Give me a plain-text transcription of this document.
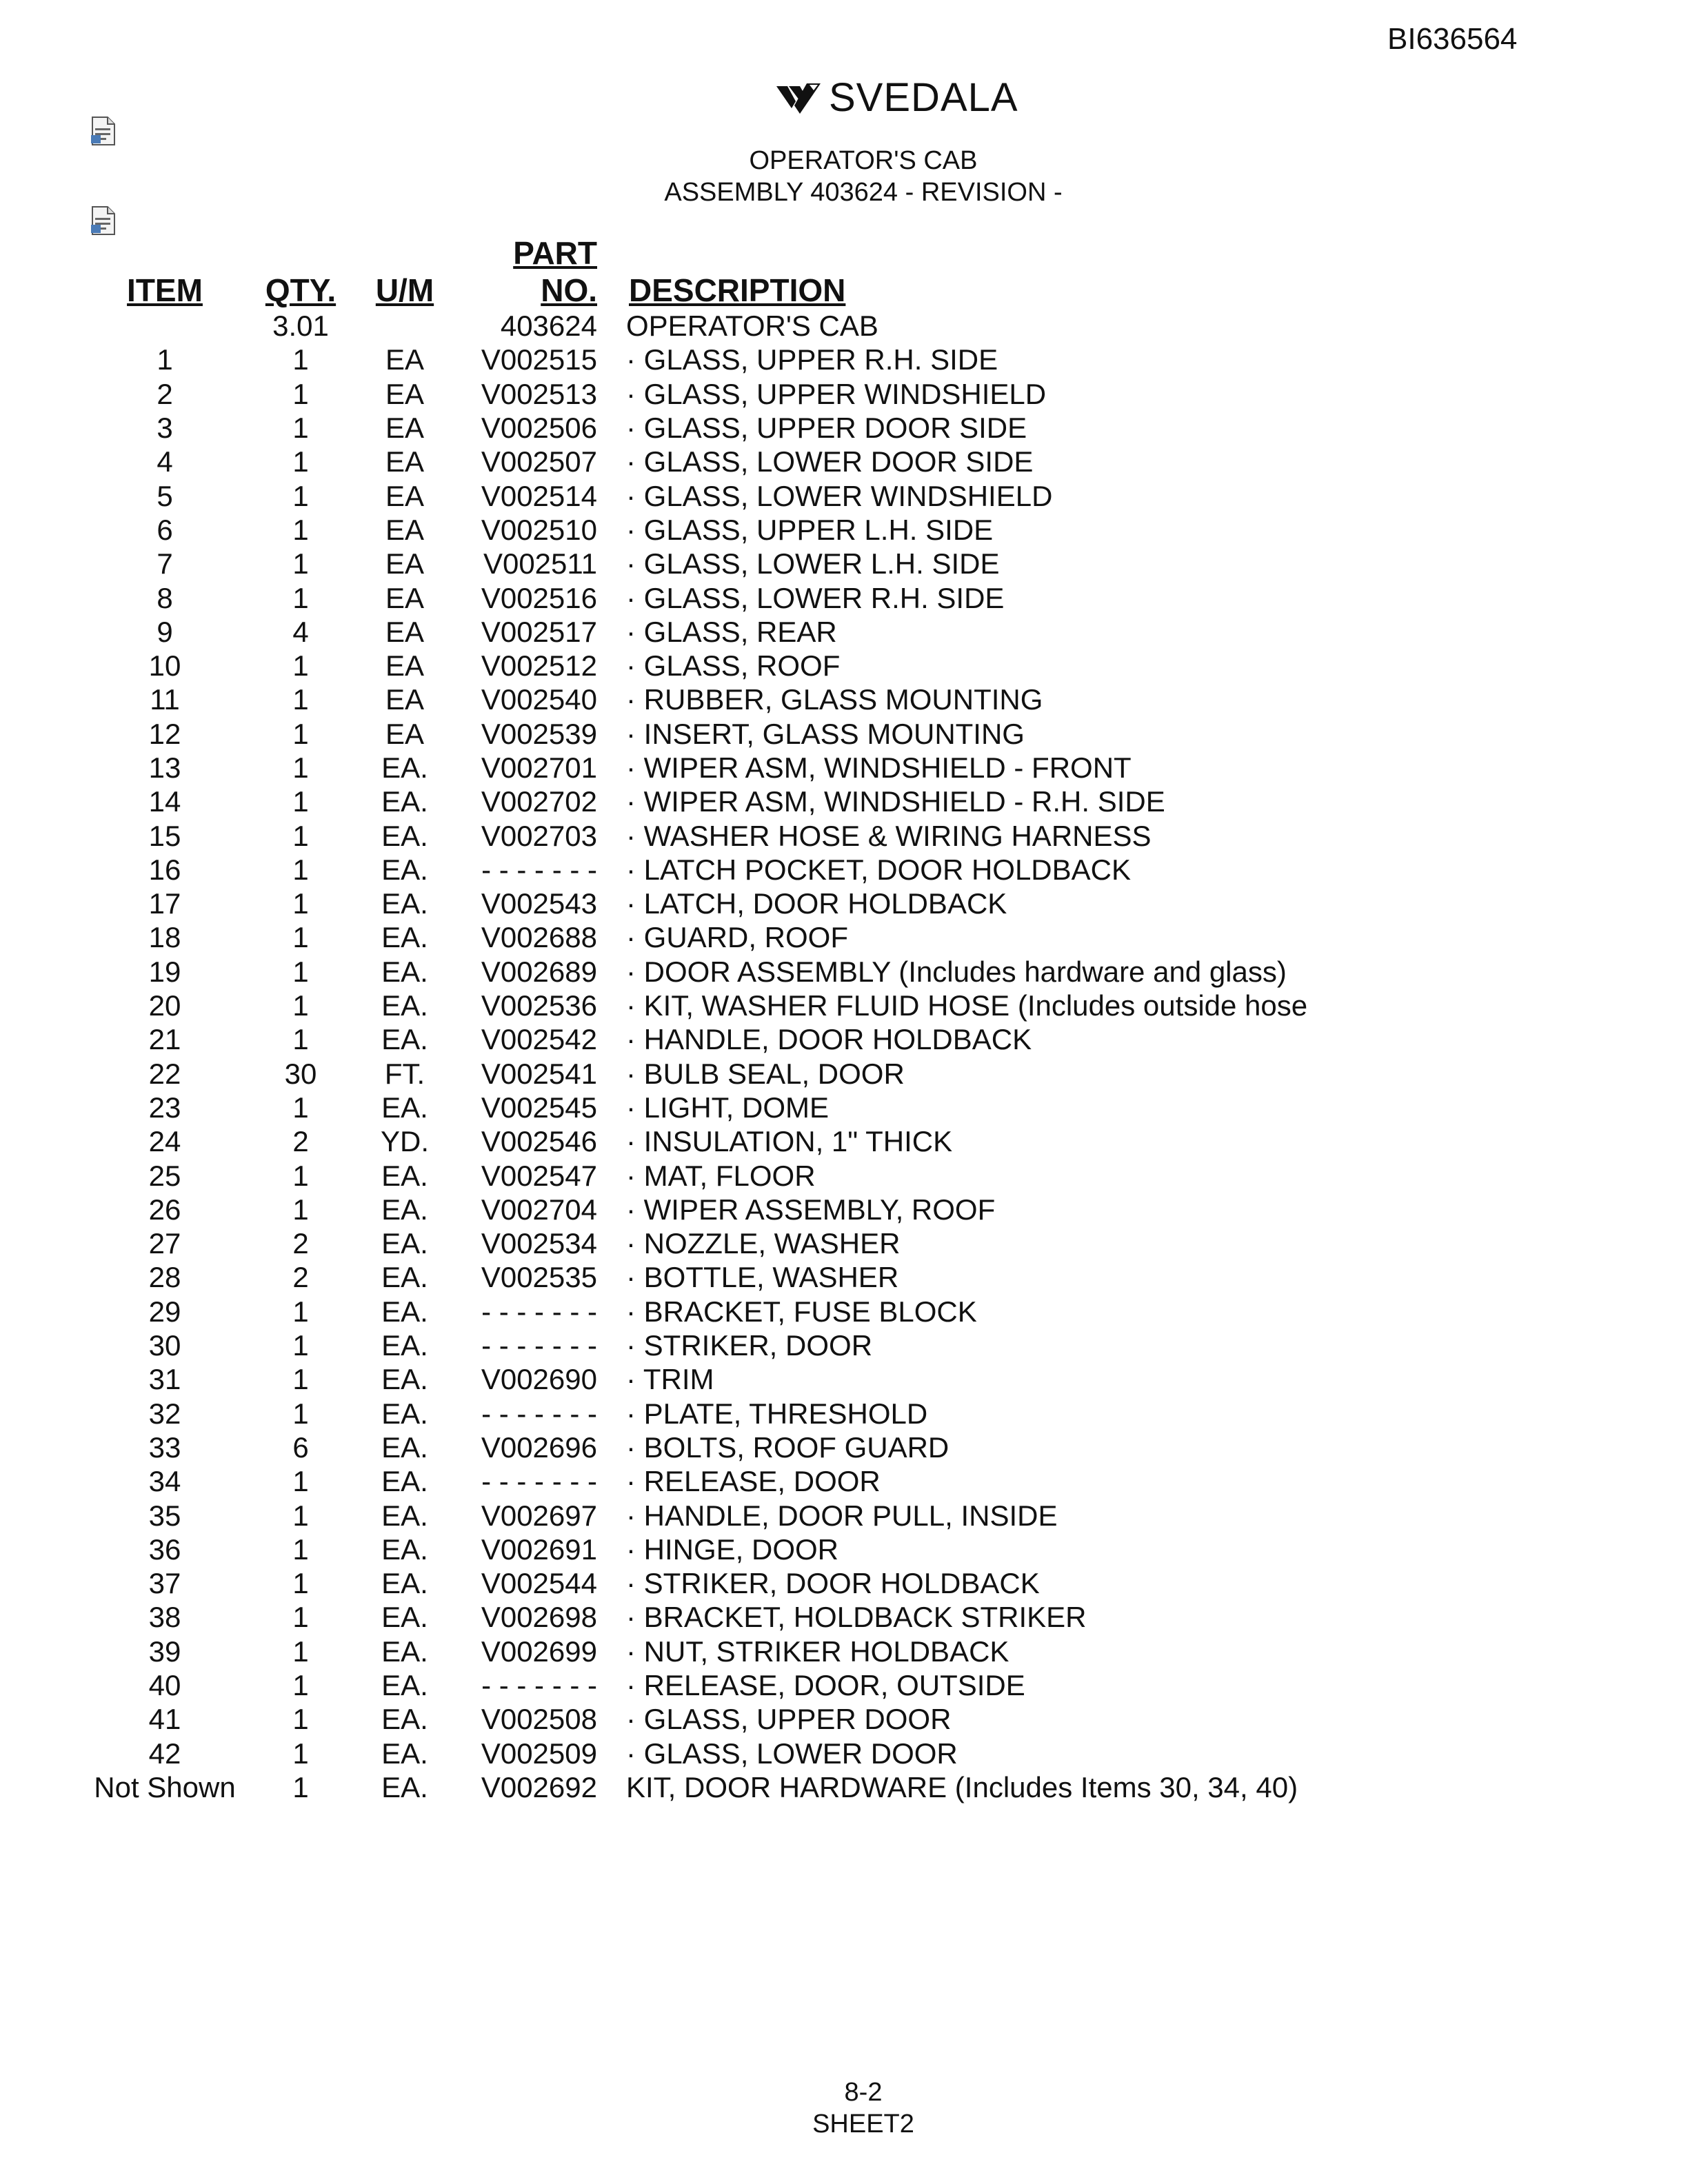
BI636564
SVEDALA
OPERATOR'S CAB
ASSEMBLY 403624 - REVISION -
ITEM	QTY.	U/M	PART NO.	DESCRIPTION
	3.01		403624	OPERATOR'S CAB
1	1	EA	V002515	· GLASS, UPPER R.H. SIDE
2	1	EA	V002513	· GLASS, UPPER WINDSHIELD
3	1	EA	V002506	· GLASS, UPPER DOOR SIDE
4	1	EA	V002507	· GLASS, LOWER DOOR SIDE
5	1	EA	V002514	· GLASS, LOWER WINDSHIELD
6	1	EA	V002510	· GLASS, UPPER L.H. SIDE
7	1	EA	V002511	· GLASS, LOWER L.H. SIDE
8	1	EA	V002516	· GLASS, LOWER R.H. SIDE
9	4	EA	V002517	· GLASS, REAR
10	1	EA	V002512	· GLASS, ROOF
11	1	EA	V002540	· RUBBER, GLASS MOUNTING
12	1	EA	V002539	· INSERT, GLASS MOUNTING
13	1	EA.	V002701	· WIPER ASM, WINDSHIELD - FRONT
14	1	EA.	V002702	· WIPER ASM, WINDSHIELD - R.H. SIDE
15	1	EA.	V002703	· WASHER HOSE & WIRING HARNESS
16	1	EA.	- - - - - - -	· LATCH POCKET, DOOR HOLDBACK
17	1	EA.	V002543	· LATCH, DOOR HOLDBACK
18	1	EA.	V002688	· GUARD, ROOF
19	1	EA.	V002689	· DOOR ASSEMBLY (Includes hardware and glass)
20	1	EA.	V002536	· KIT, WASHER FLUID HOSE (Includes outside hose
21	1	EA.	V002542	· HANDLE, DOOR HOLDBACK
22	30	FT.	V002541	· BULB SEAL, DOOR
23	1	EA.	V002545	· LIGHT, DOME
24	2	YD.	V002546	· INSULATION, 1" THICK
25	1	EA.	V002547	· MAT, FLOOR
26	1	EA.	V002704	· WIPER ASSEMBLY, ROOF
27	2	EA.	V002534	· NOZZLE, WASHER
28	2	EA.	V002535	· BOTTLE, WASHER
29	1	EA.	- - - - - - -	· BRACKET, FUSE BLOCK
30	1	EA.	- - - - - - -	· STRIKER, DOOR
31	1	EA.	V002690	· TRIM
32	1	EA.	- - - - - - -	· PLATE, THRESHOLD
33	6	EA.	V002696	· BOLTS, ROOF GUARD
34	1	EA.	- - - - - - -	· RELEASE, DOOR
35	1	EA.	V002697	· HANDLE, DOOR PULL, INSIDE
36	1	EA.	V002691	· HINGE, DOOR
37	1	EA.	V002544	· STRIKER, DOOR HOLDBACK
38	1	EA.	V002698	· BRACKET, HOLDBACK STRIKER
39	1	EA.	V002699	· NUT, STRIKER HOLDBACK
40	1	EA.	- - - - - - -	· RELEASE, DOOR, OUTSIDE
41	1	EA.	V002508	· GLASS, UPPER DOOR
42	1	EA.	V002509	· GLASS, LOWER DOOR
Not Shown	1	EA.	V002692	KIT, DOOR HARDWARE (Includes Items 30, 34, 40)
8-2
SHEET2
